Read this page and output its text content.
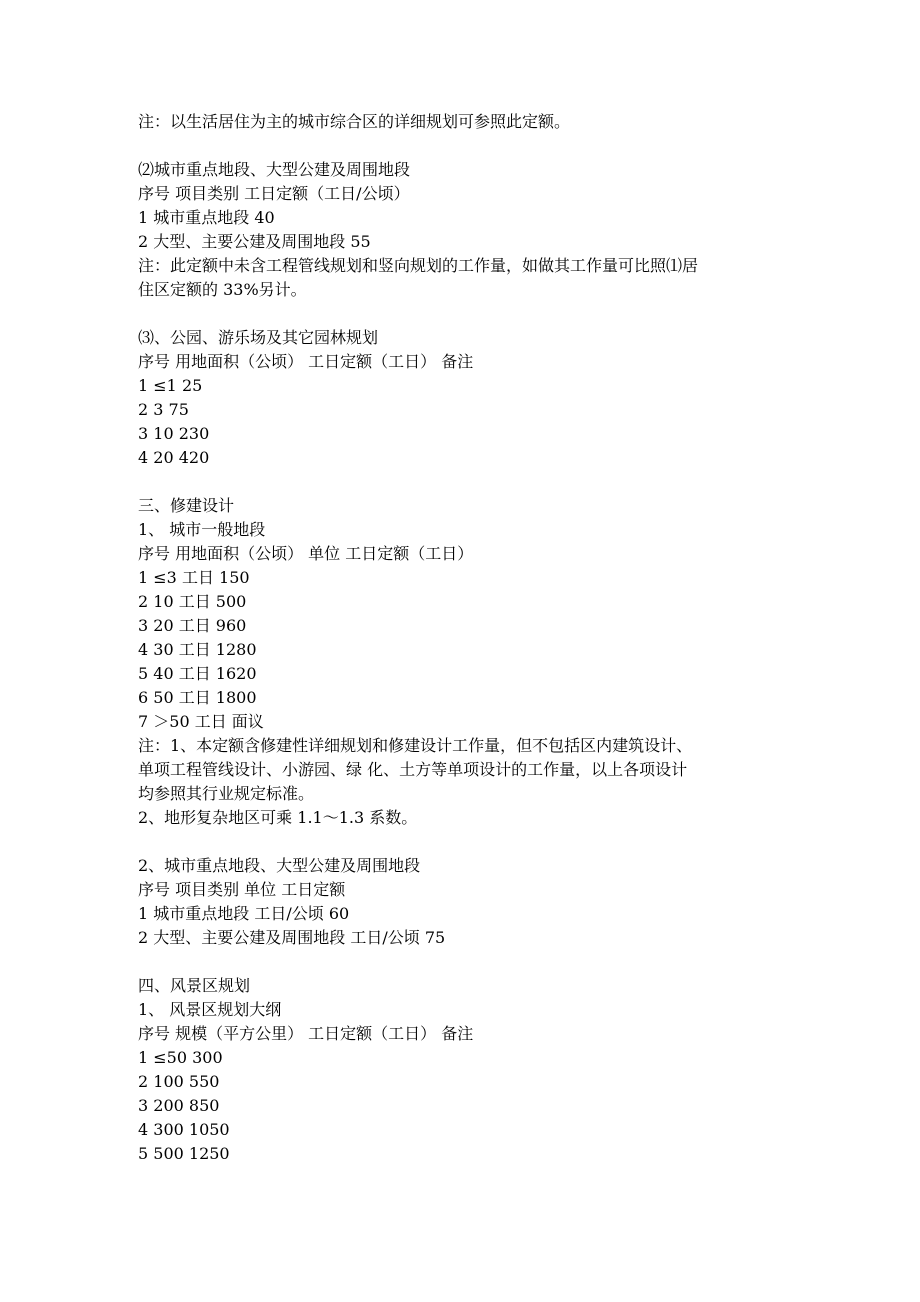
注：以生活居住为主的城市综合区的详细规划可参照此定额。
⑵城市重点地段、大型公建及周围地段
序号 项目类别 工日定额（工日/公顷）
1 城市重点地段 40
2 大型、主要公建及周围地段 55
注：此定额中未含工程管线规划和竖向规划的工作量，如做其工作量可比照⑴居
住区定额的 33%另计。
⑶、公园、游乐场及其它园林规划
序号 用地面积（公顷） 工日定额（工日） 备注
1 ≤1 25
2 3 75
3 10 230
4 20 420
三、修建设计
1、 城市一般地段
序号 用地面积（公顷） 单位 工日定额（工日）
1 ≤3 工日 150
2 10 工日 500
3 20 工日 960
4 30 工日 1280
5 40 工日 1620
6 50 工日 1800
7 ＞50 工日 面议
注：1、本定额含修建性详细规划和修建设计工作量，但不包括区内建筑设计、
单项工程管线设计、小游园、绿 化、土方等单项设计的工作量，以上各项设计
均参照其行业规定标准。
2、地形复杂地区可乘 1.1～1.3 系数。
2、城市重点地段、大型公建及周围地段
序号 项目类别 单位 工日定额
1 城市重点地段 工日/公顷 60
2 大型、主要公建及周围地段 工日/公顷 75
四、风景区规划
1、 风景区规划大纲
序号 规模（平方公里） 工日定额（工日） 备注
1 ≤50 300
2 100 550
3 200 850
4 300 1050
5 500 1250
